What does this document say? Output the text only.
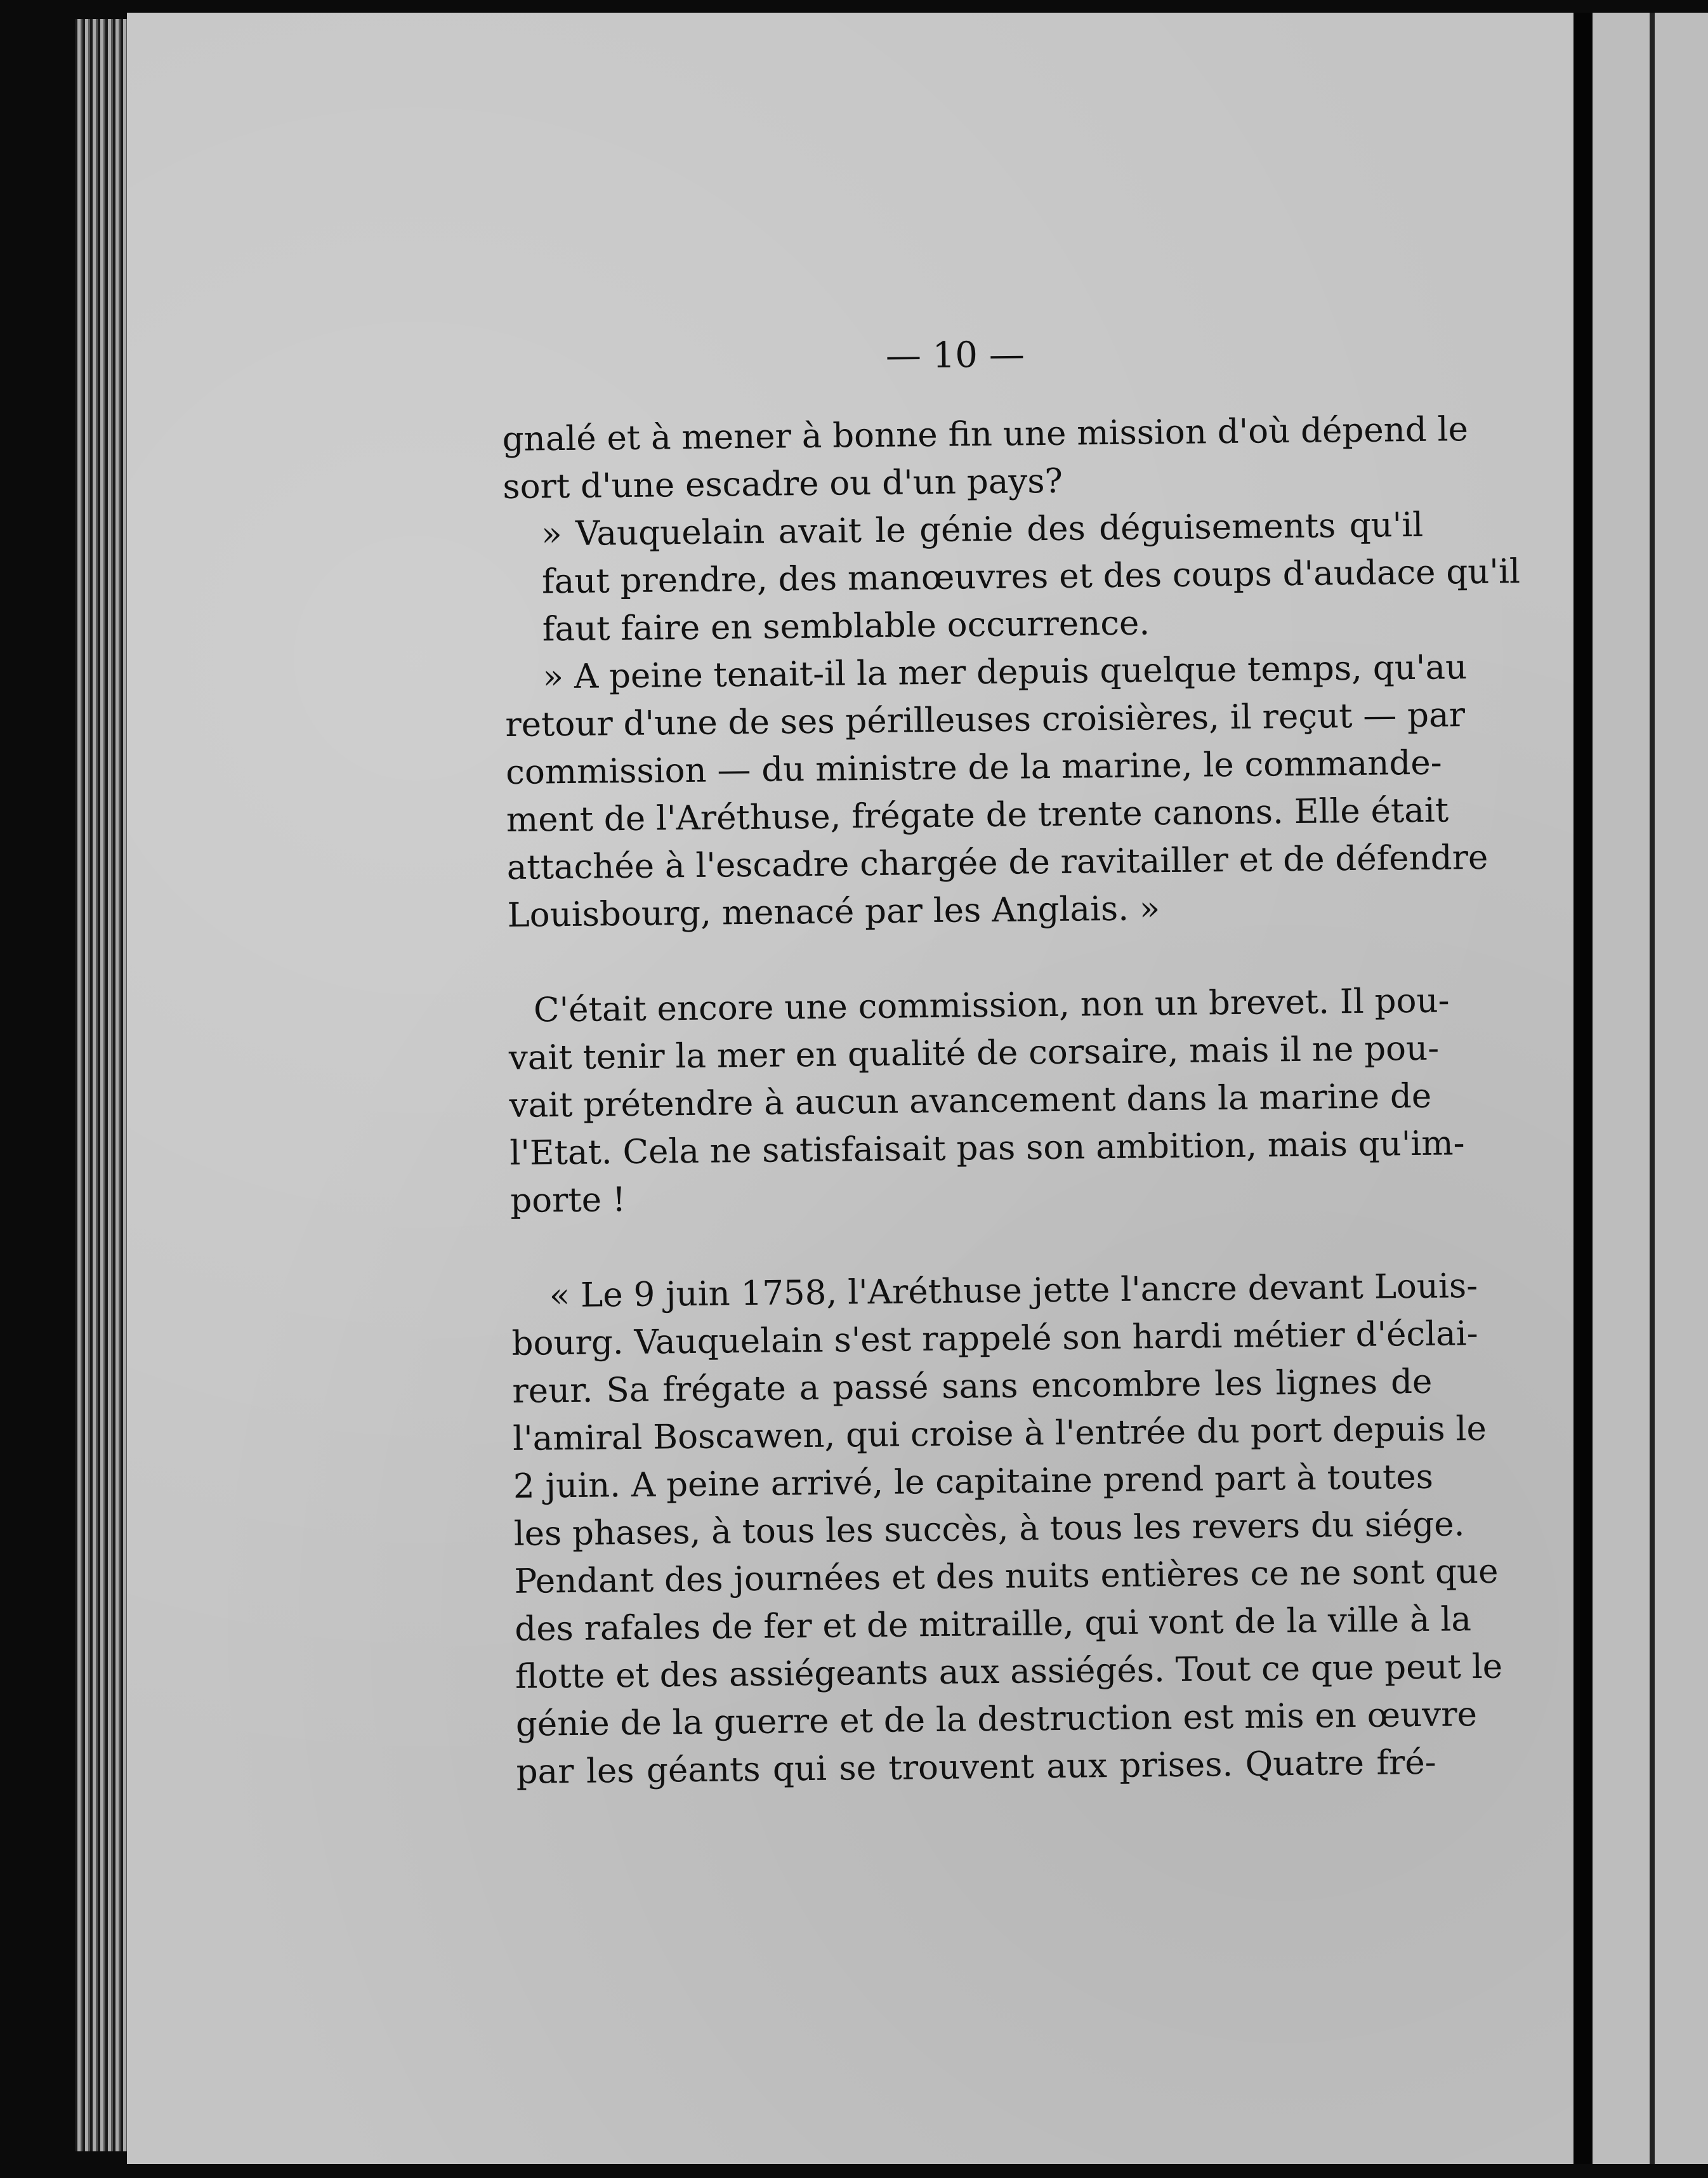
— 10 —
gnalé et à mener à bonne fin une mission d'où dépend le
sort d'une escadre ou d'un pays?
» Vauquelain avait le génie des déguisements qu'il
faut prendre, des manœuvres et des coups d'audace qu'il
faut faire en semblable occurrence.
» A peine tenait-il la mer depuis quelque temps, qu'au
retour d'une de ses périlleuses croisières, il reçut — par
commission — du ministre de la marine, le commande-
ment de l'Aréthuse, frégate de trente canons. Elle était
attachée à l'escadre chargée de ravitailler et de défendre
Louisbourg, menacé par les Anglais. »
C'était encore une commission, non un brevet. Il pou-
vait tenir la mer en qualité de corsaire, mais il ne pou-
vait prétendre à aucun avancement dans la marine de
l'Etat. Cela ne satisfaisait pas son ambition, mais qu'im-
porte !
« Le 9 juin 1758, l'Aréthuse jette l'ancre devant Louis-
bourg. Vauquelain s'est rappelé son hardi métier d'éclai-
reur. Sa frégate a passé sans encombre les lignes de
l'amiral Boscawen, qui croise à l'entrée du port depuis le
2 juin. A peine arrivé, le capitaine prend part à toutes
les phases, à tous les succès, à tous les revers du siége.
Pendant des journées et des nuits entières ce ne sont que
des rafales de fer et de mitraille, qui vont de la ville à la
flotte et des assiégeants aux assiégés. Tout ce que peut le
génie de la guerre et de la destruction est mis en œuvre
par les géants qui se trouvent aux prises. Quatre fré-
